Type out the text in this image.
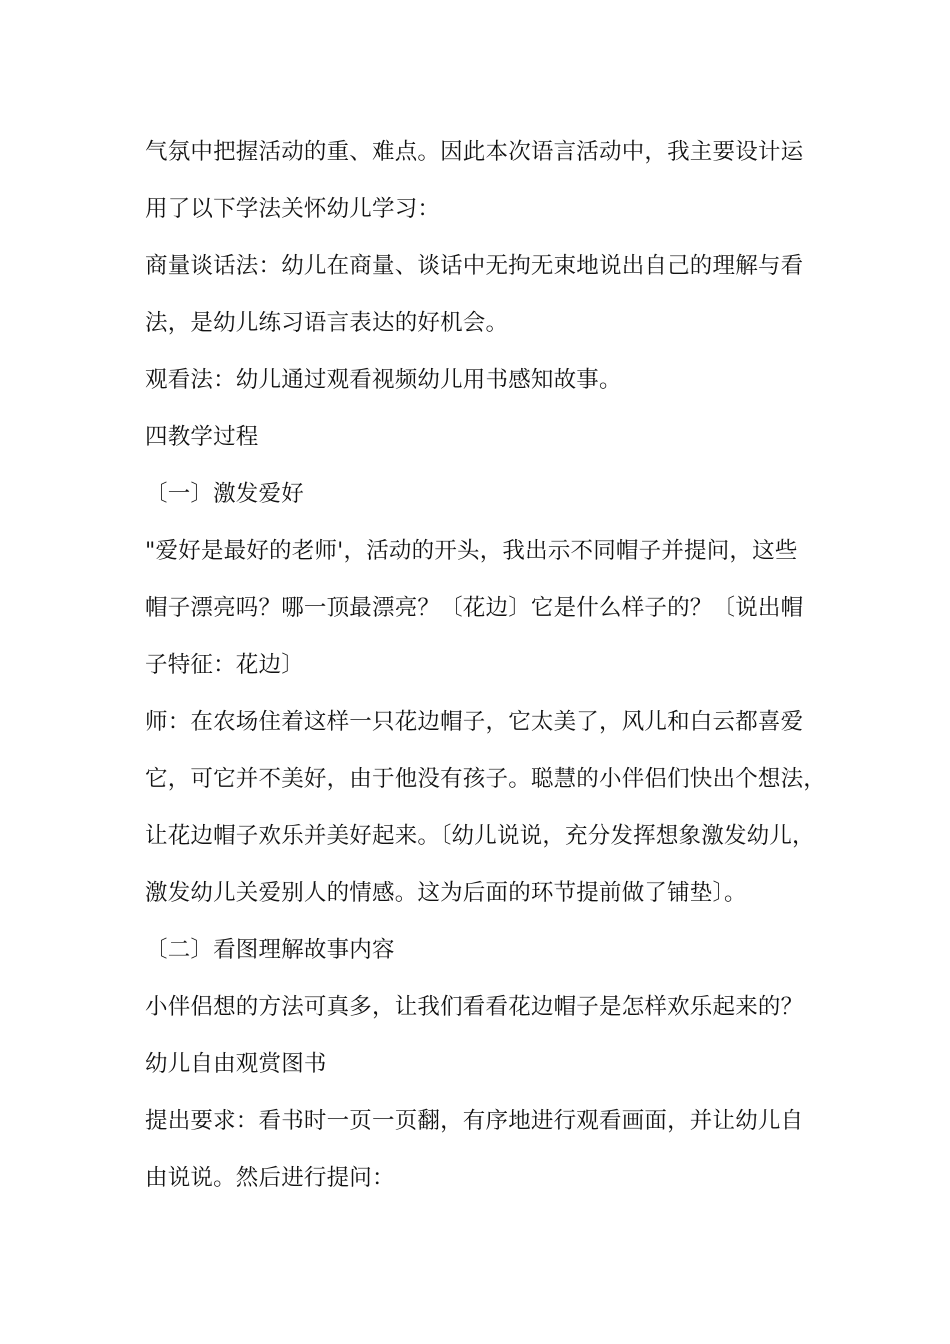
气氛中把握活动的重、难点。因此本次语言活动中，我主要设计运

用了以下学法关怀幼儿学习：

商量谈话法：幼儿在商量、谈话中无拘无束地说出自己的理解与看

法，是幼儿练习语言表达的好机会。

观看法：幼儿通过观看视频幼儿用书感知故事。

四教学过程

〔一〕激发爱好

"爱好是最好的老师'，活动的开头，我出示不同帽子并提问，这些

帽子漂亮吗？哪一顶最漂亮？〔花边〕它是什么样子的？〔说出帽

子特征：花边〕

师：在农场住着这样一只花边帽子，它太美了，风儿和白云都喜爱

它，可它并不美好，由于他没有孩子。聪慧的小伴侣们快出个想法，

让花边帽子欢乐并美好起来。〔幼儿说说，充分发挥想象激发幼儿，

激发幼儿关爱别人的情感。这为后面的环节提前做了铺垫〕。

〔二〕看图理解故事内容

小伴侣想的方法可真多，让我们看看花边帽子是怎样欢乐起来的？

幼儿自由观赏图书

提出要求：看书时一页一页翻，有序地进行观看画面，并让幼儿自

由说说。然后进行提问：
